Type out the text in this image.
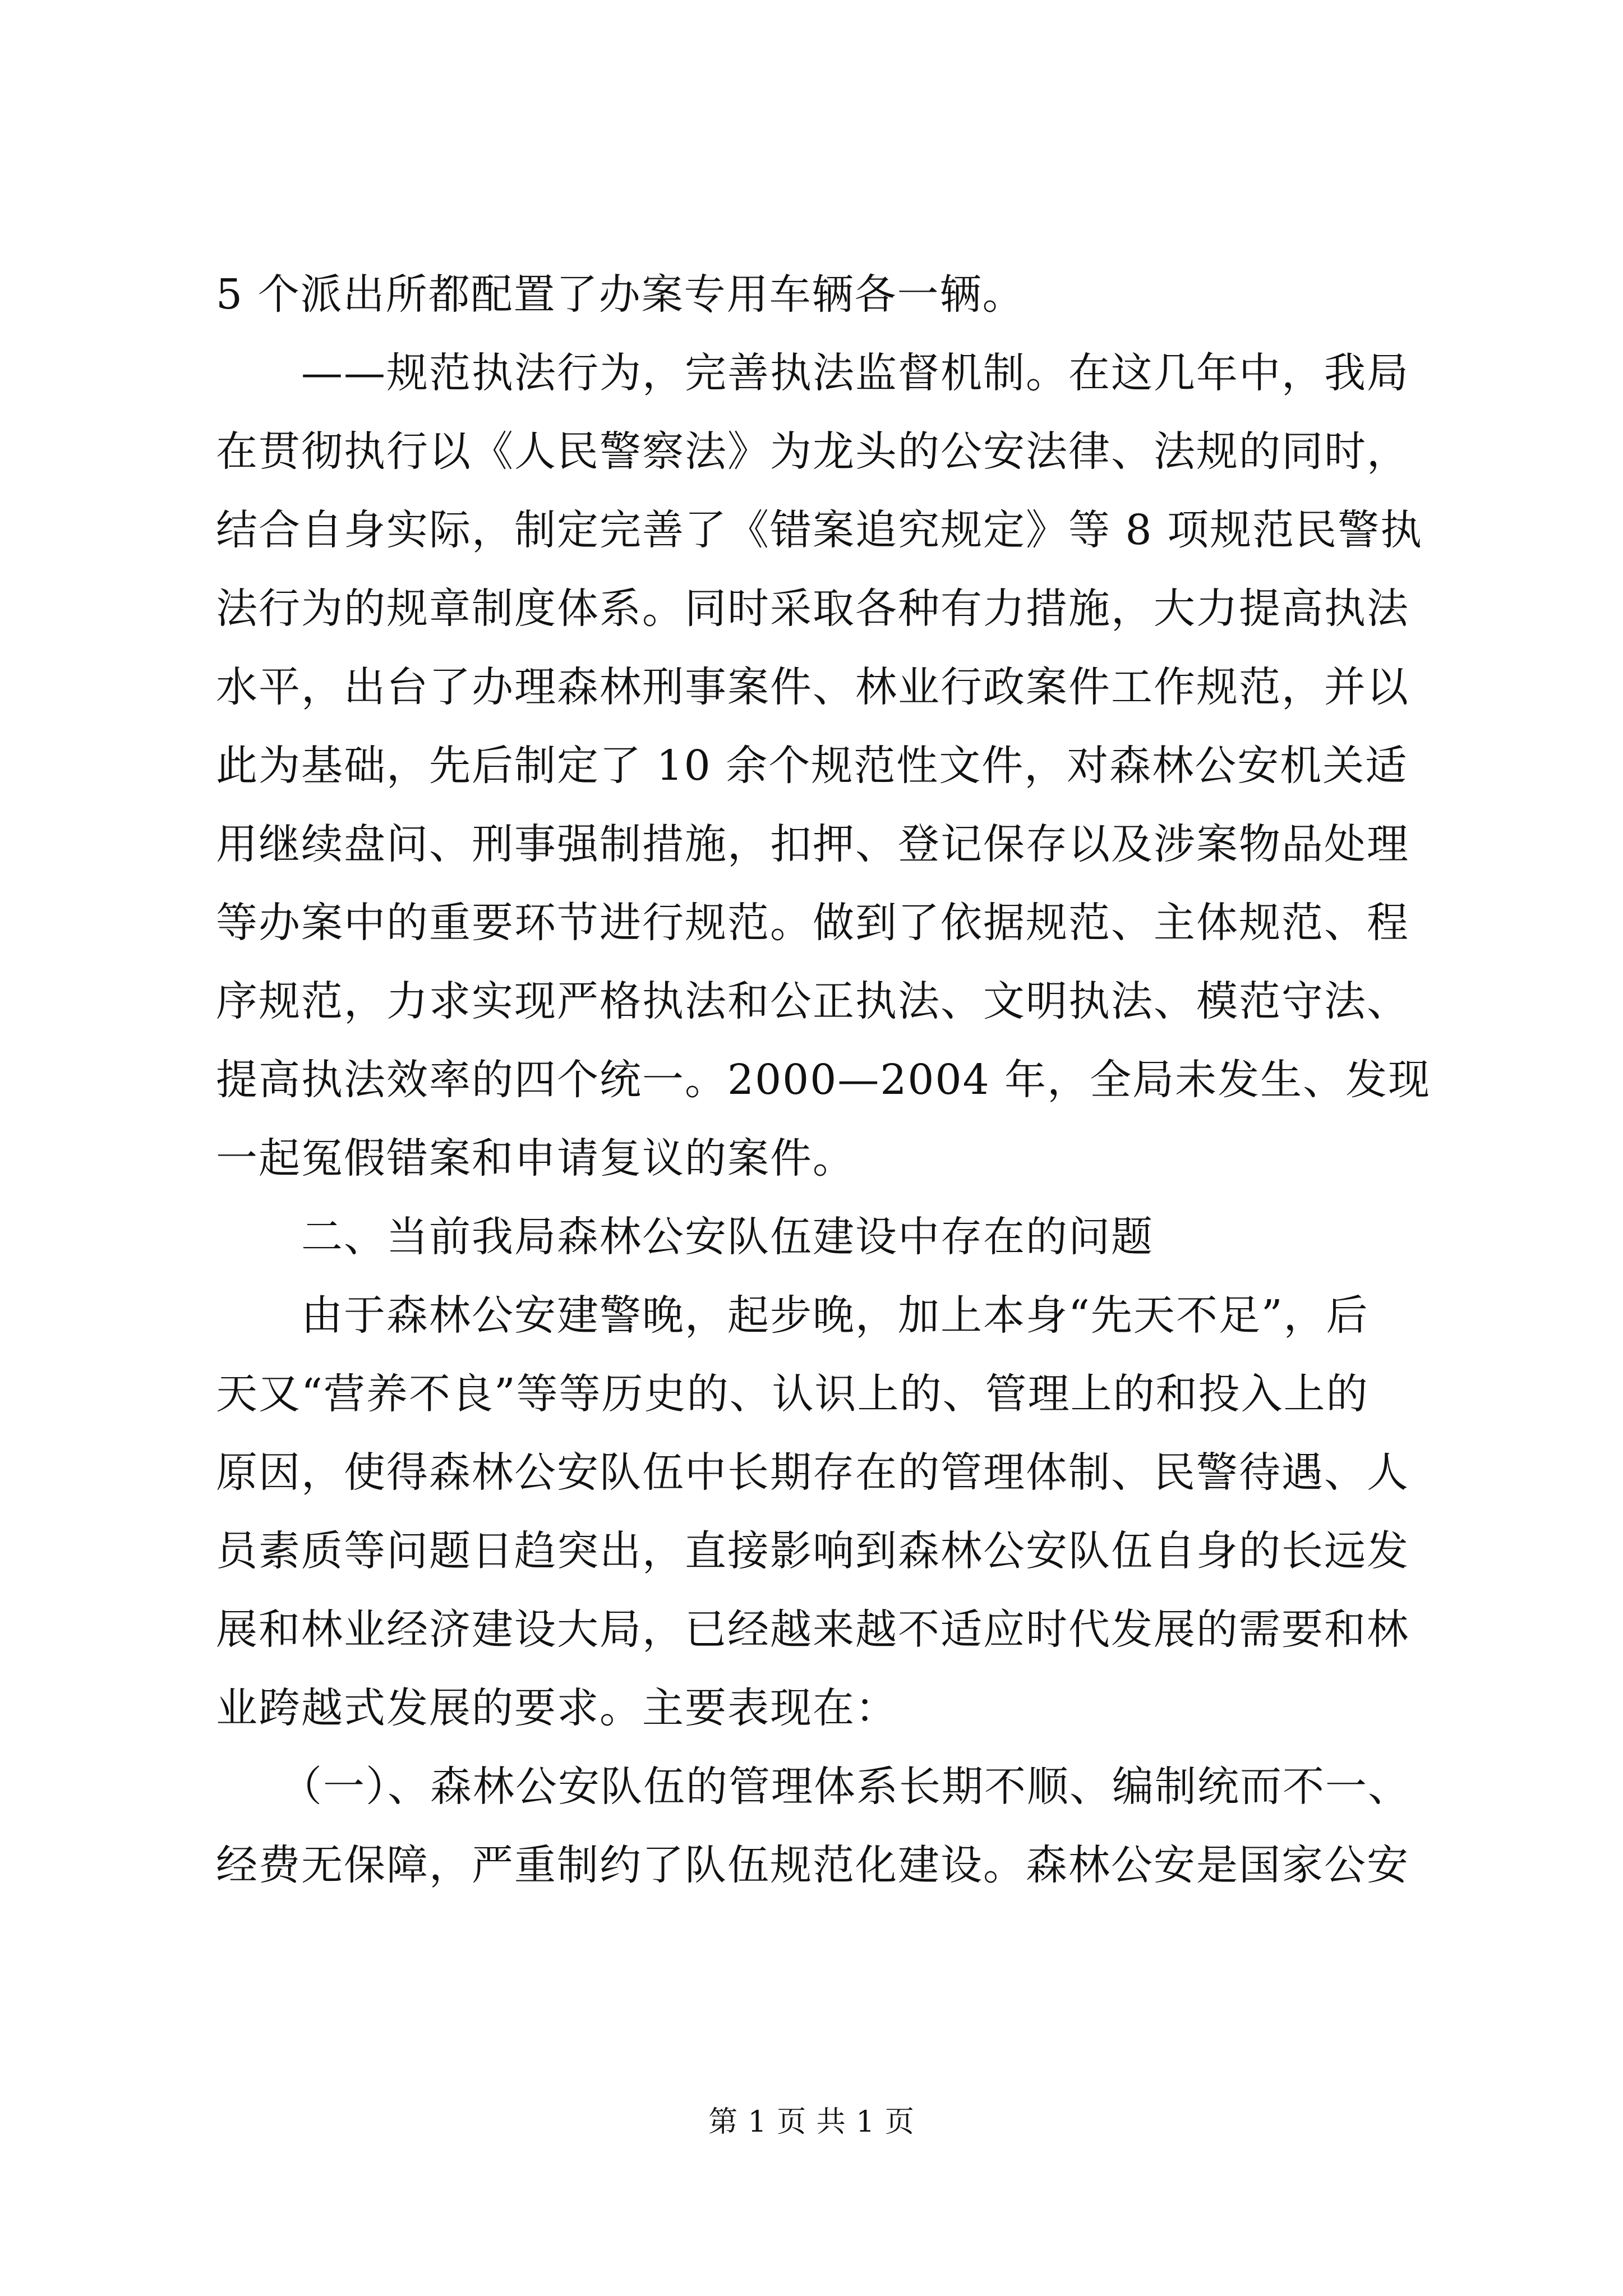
5 个派出所都配置了办案专用车辆各一辆。
　　——规范执法行为，完善执法监督机制。在这几年中，我局
在贯彻执行以《人民警察法》为龙头的公安法律、法规的同时，
结合自身实际，制定完善了《错案追究规定》等 8 项规范民警执
法行为的规章制度体系。同时采取各种有力措施，大力提高执法
水平，出台了办理森林刑事案件、林业行政案件工作规范，并以
此为基础，先后制定了 10 余个规范性文件，对森林公安机关适
用继续盘问、刑事强制措施，扣押、登记保存以及涉案物品处理
等办案中的重要环节进行规范。做到了依据规范、主体规范、程
序规范，力求实现严格执法和公正执法、文明执法、模范守法、
提高执法效率的四个统一。2000—2004 年，全局未发生、发现
一起冤假错案和申请复议的案件。
　　二、当前我局森林公安队伍建设中存在的问题
　　由于森林公安建警晚，起步晚，加上本身“先天不足”，后
天又“营养不良”等等历史的、认识上的、管理上的和投入上的
原因，使得森林公安队伍中长期存在的管理体制、民警待遇、人
员素质等问题日趋突出，直接影响到森林公安队伍自身的长远发
展和林业经济建设大局，已经越来越不适应时代发展的需要和林
业跨越式发展的要求。主要表现在：
　　（一）、森林公安队伍的管理体系长期不顺、编制统而不一、
经费无保障，严重制约了队伍规范化建设。森林公安是国家公安
第 1 页 共 1 页
